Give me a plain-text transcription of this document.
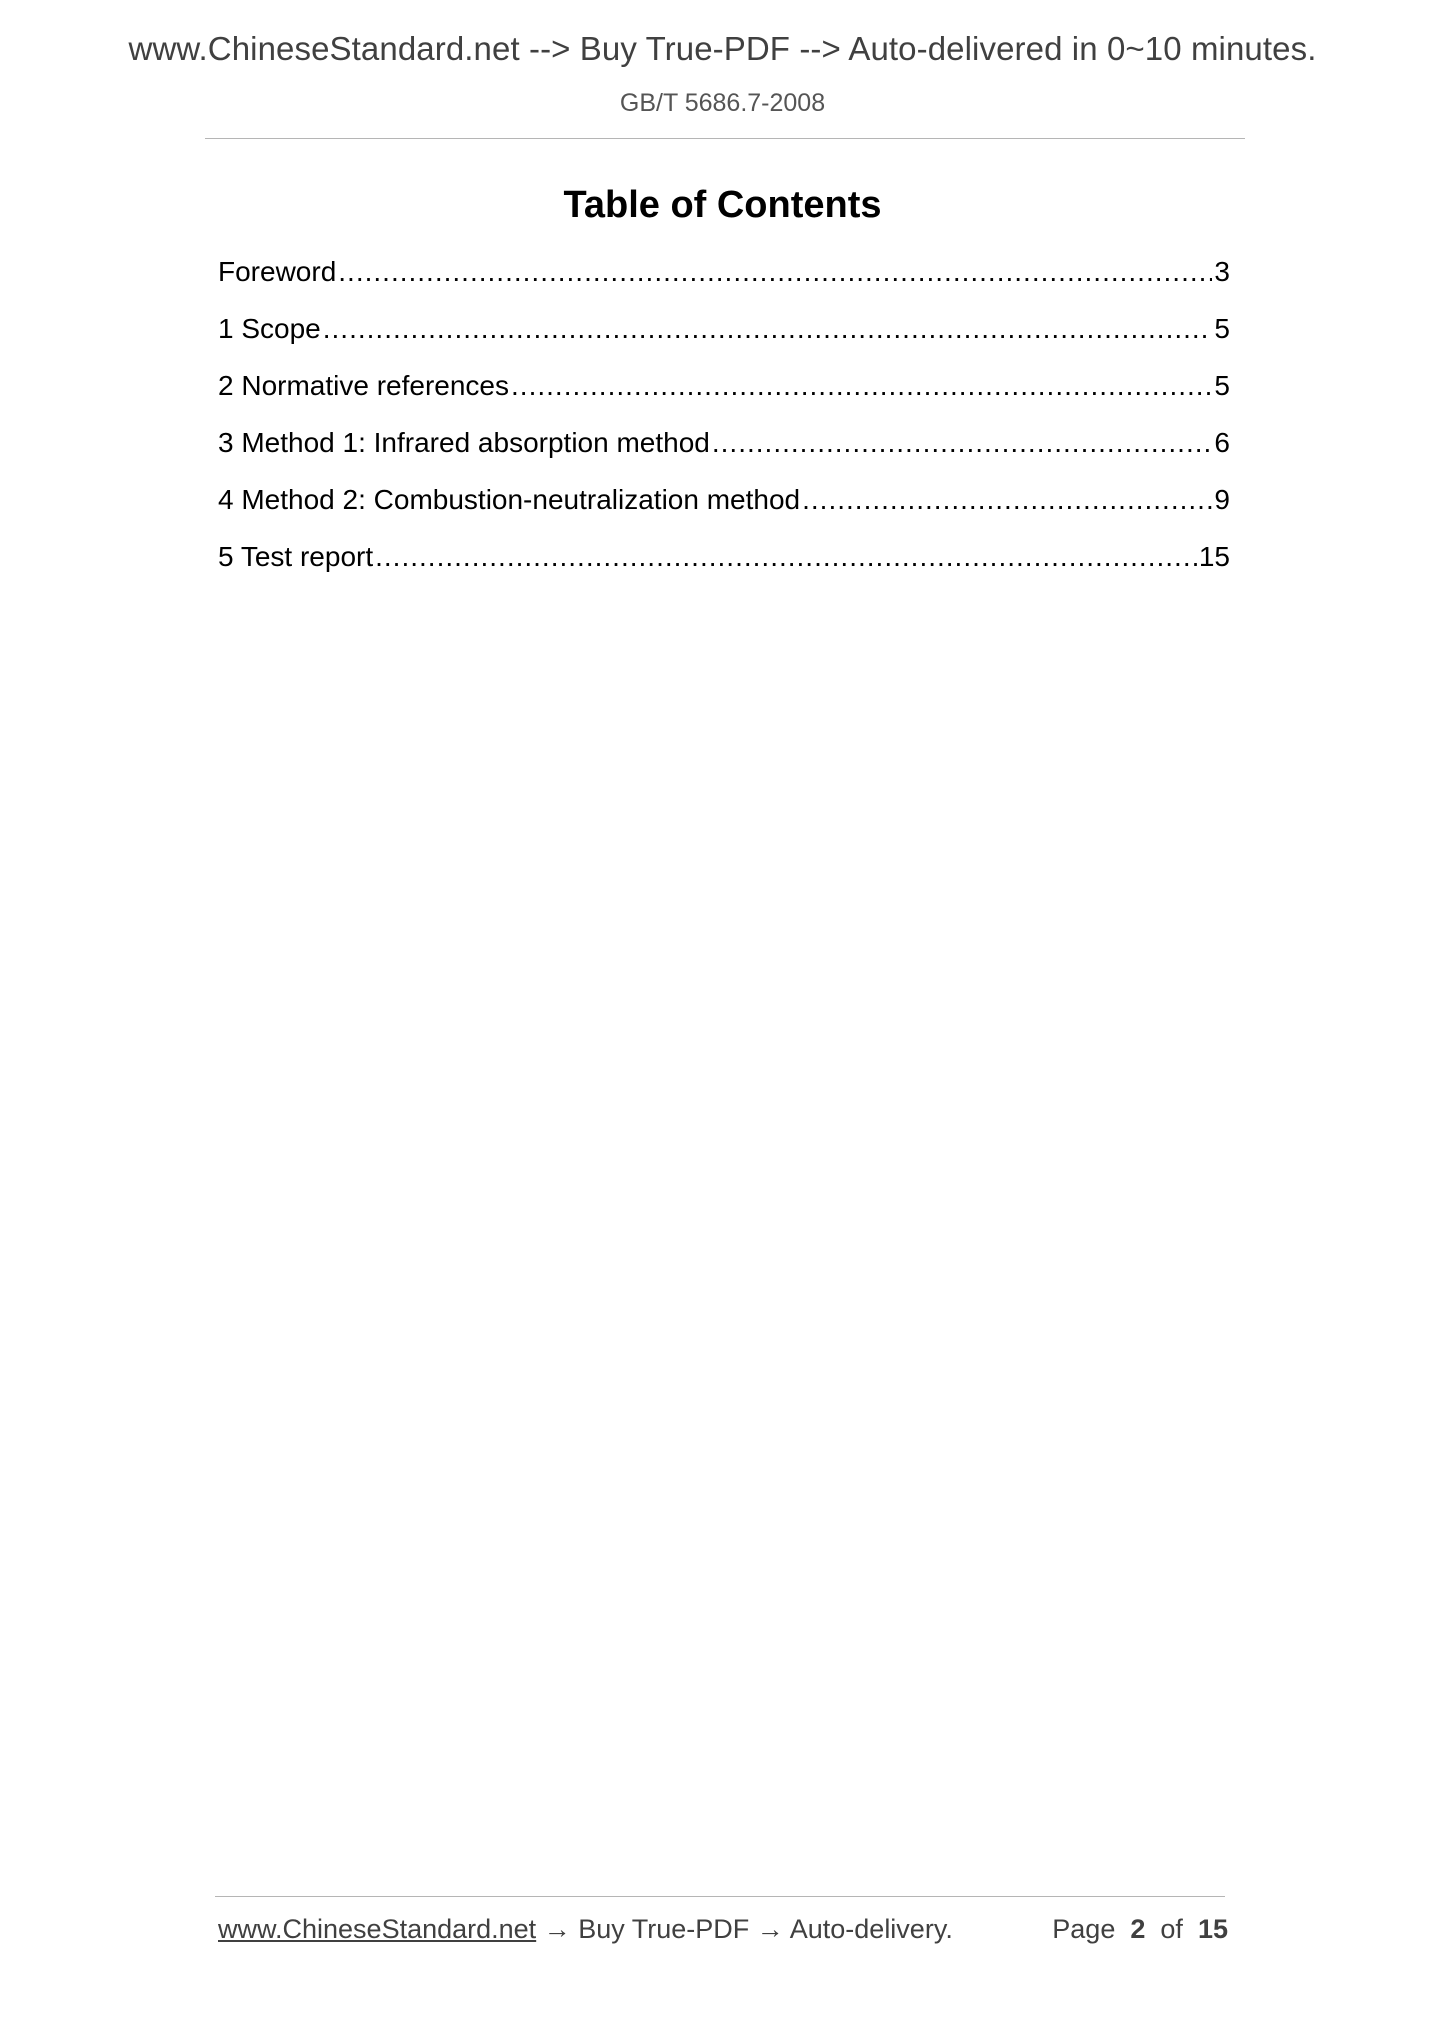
www.ChineseStandard.net --> Buy True-PDF --> Auto-delivered in 0~10 minutes.
GB/T 5686.7-2008
Table of Contents
Foreword .....	3
1 Scope .....	5
2 Normative references .....	5
3 Method 1: Infrared absorption method .....	6
4 Method 2: Combustion-neutralization method .....	9
5 Test report .....	15
www.ChineseStandard.net → Buy True-PDF → Auto-delivery.	Page 2 of 15
